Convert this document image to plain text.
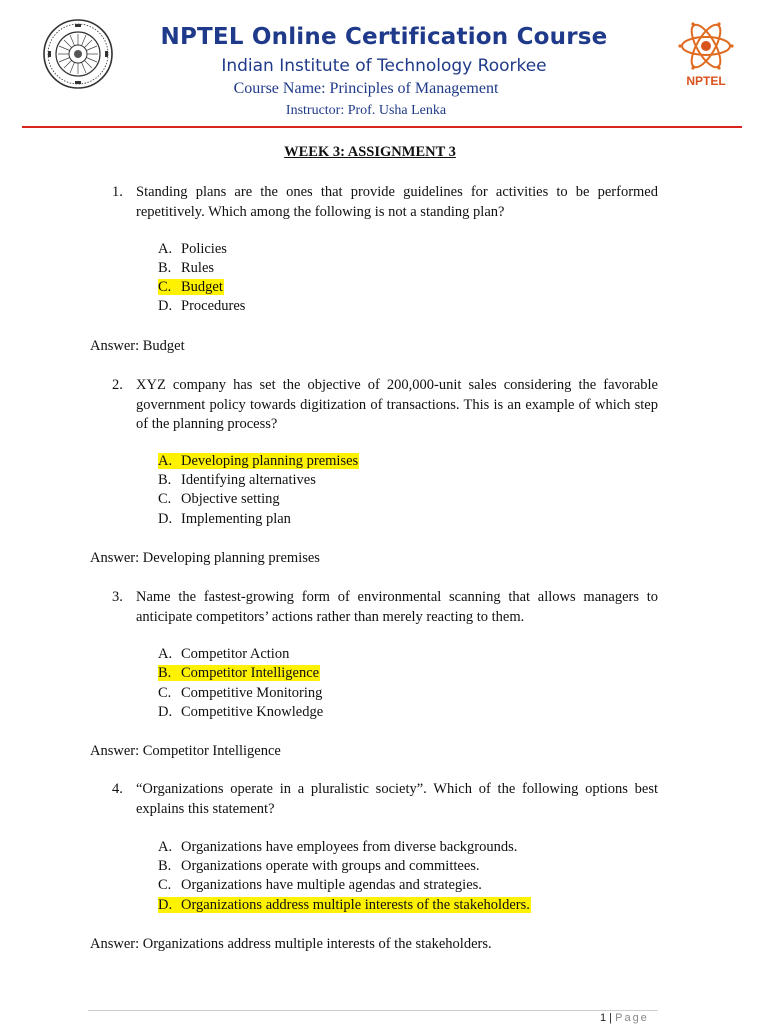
NPTEL
NPTEL Online Certification Course
Indian Institute of Technology Roorkee
Course Name: Principles of Management
Instructor: Prof. Usha Lenka
WEEK 3: ASSIGNMENT 3
1. Standing plans are the ones that provide guidelines for activities to be performed repetitively. Which among the following is not a standing plan?
A. Policies
B. Rules
C. Budget
D. Procedures
Answer: Budget
2. XYZ company has set the objective of 200,000-unit sales considering the favorable government policy towards digitization of transactions. This is an example of which step of the planning process?
A. Developing planning premises
B. Identifying alternatives
C. Objective setting
D. Implementing plan
Answer: Developing planning premises
3. Name the fastest-growing form of environmental scanning that allows managers to anticipate competitors’ actions rather than merely reacting to them.
A. Competitor Action
B. Competitor Intelligence
C. Competitive Monitoring
D. Competitive Knowledge
Answer: Competitor Intelligence
4. “Organizations operate in a pluralistic society”. Which of the following options best explains this statement?
A. Organizations have employees from diverse backgrounds.
B. Organizations operate with groups and committees.
C. Organizations have multiple agendas and strategies.
D. Organizations address multiple interests of the stakeholders.
Answer: Organizations address multiple interests of the stakeholders.
1 | Page
